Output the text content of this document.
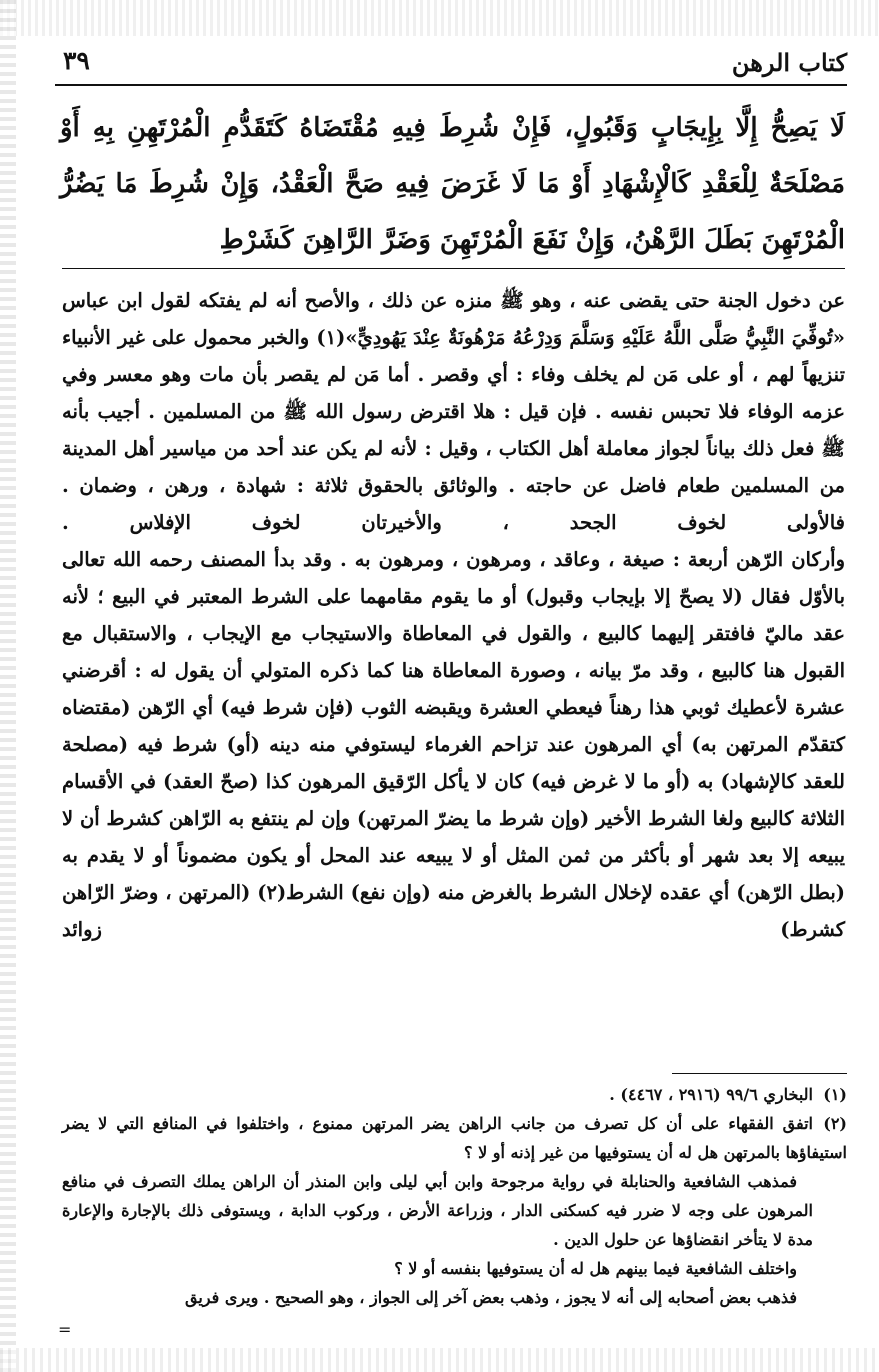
كتاب الرهن
٣٩
لَا يَصِحُّ إِلَّا بِإِيجَابٍ وَقَبُولٍ، فَإِنْ شُرِطَ فِيهِ مُقْتَضَاهُ كَتَقَدُّمِ الْمُرْتَهِنِ بِهِ أَوْ مَصْلَحَةٌ لِلْعَقْدِ كَالْإِشْهَادِ أَوْ مَا لَا غَرَضَ فِيهِ صَحَّ الْعَقْدُ، وَإِنْ شُرِطَ مَا يَضُرُّ الْمُرْتَهِنَ بَطَلَ الرَّهْنُ، وَإِنْ نَفَعَ الْمُرْتَهِنَ وَضَرَّ الرَّاهِنَ كَشَرْطِ

عن دخول الجنة حتى يقضى عنه ، وهو ﷺ منزه عن ذلك ، والأصح أنه لم يفتكه لقول ابن عباس «تُوفِّيَ النَّبِيُّ صَلَّى اللَّهُ عَلَيْهِ وَسَلَّمَ وَدِرْعُهُ مَرْهُونَةٌ عِنْدَ يَهُودِيٍّ»(١) والخبر محمول على غير الأنبياء تنزيهاً لهم ، أو على مَن لم يخلف وفاء : أي وقصر . أما مَن لم يقصر بأن مات وهو معسر وفي عزمه الوفاء فلا تحبس نفسه . فإن قيل : هلا اقترض رسول الله ﷺ من المسلمين . أجيب بأنه ﷺ فعل ذلك بياناً لجواز معاملة أهل الكتاب ، وقيل : لأنه لم يكن عند أحد من مياسير أهل المدينة من المسلمين طعام فاضل عن حاجته . والوثائق بالحقوق ثلاثة : شهادة ، ورهن ، وضمان . فالأولى لخوف الجحد ، والأخيرتان لخوف الإفلاس .

وأركان الرّهن أربعة : صيغة ، وعاقد ، ومرهون ، ومرهون به . وقد بدأ المصنف رحمه الله تعالى بالأوّل فقال (لا يصحّ إلا بإيجاب وقبول) أو ما يقوم مقامهما على الشرط المعتبر في البيع ؛ لأنه عقد ماليّ فافتقر إليهما كالبيع ، والقول في المعاطاة والاستيجاب مع الإيجاب ، والاستقبال مع القبول هنا كالبيع ، وقد مرّ بيانه ، وصورة المعاطاة هنا كما ذكره المتولي أن يقول له : أقرضني عشرة لأعطيك ثوبي هذا رهناً فيعطي العشرة ويقبضه الثوب (فإن شرط فيه) أي الرّهن (مقتضاه كتقدّم المرتهن به) أي المرهون عند تزاحم الغرماء ليستوفي منه دينه (أو) شرط فيه (مصلحة للعقد كالإشهاد) به (أو ما لا غرض فيه) كان لا يأكل الرّقيق المرهون كذا (صحّ العقد) في الأقسام الثلاثة كالبيع ولغا الشرط الأخير (وإن شرط ما يضرّ المرتهن) وإن لم ينتفع به الرّاهن كشرط أن لا يبيعه إلا بعد شهر أو بأكثر من ثمن المثل أو لا يبيعه عند المحل أو يكون مضموناً أو لا يقدم به (بطل الرّهن) أي عقده لإخلال الشرط بالغرض منه (وإن نفع) الشرط(٢) (المرتهن ، وضرّ الرّاهن كشرط) زوائد

(١)البخاري ٩٩/٦ (٢٩١٦ ، ٤٤٦٧) .

(٢)اتفق الفقهاء على أن كل تصرف من جانب الراهن يضر المرتهن ممنوع ، واختلفوا في المنافع التي لا يضر استيفاؤها بالمرتهن هل له أن يستوفيها من غير إذنه أو لا ؟

فمذهب الشافعية والحنابلة في رواية مرجوحة وابن أبي ليلى وابن المنذر أن الراهن يملك التصرف في منافع المرهون على وجه لا ضرر فيه كسكنى الدار ، وزراعة الأرض ، وركوب الدابة ، ويستوفى ذلك بالإجارة والإعارة مدة لا يتأخر انقضاؤها عن حلول الدين .

واختلف الشافعية فيما بينهم هل له أن يستوفيها بنفسه أو لا ؟

فذهب بعض أصحابه إلى أنه لا يجوز ، وذهب بعض آخر إلى الجواز ، وهو الصحيح . ويرى فريق

=
